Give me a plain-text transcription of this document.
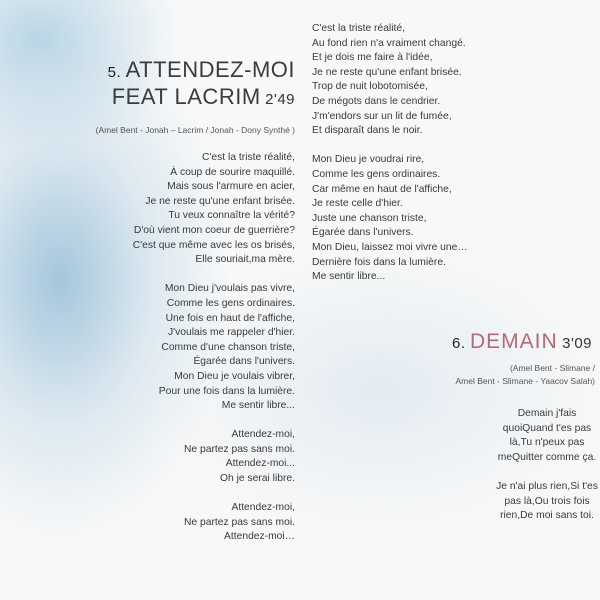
5. ATTENDEZ-MOI
FEAT LACRIM 2'49
(Amel Bent - Jonah – Lacrim / Jonah - Dony Synthé )
C'est la triste réalité,
À coup de sourire maquillé.
Mais sous l'armure en acier,
Je ne reste qu'une enfant brisée.
Tu veux connaître la vérité?
D'où vient mon coeur de guerrière?
C'est que même avec les os brisés,
Elle souriait,ma mère.
Mon Dieu j'voulais pas vivre,
Comme les gens ordinaires.
Une fois en haut de l'affiche,
J'voulais me rappeler d'hier.
Comme d'une chanson triste,
Égarée dans l'univers.
Mon Dieu je voulais vibrer,
Pour une fois dans la lumière.
Me sentir libre...
Attendez-moi,
Ne partez pas sans moi.
Attendez-moi...
Oh je serai libre.
Attendez-moi,
Ne partez pas sans moi.
Attendez-moi…
C'est la triste réalité,
Au fond rien n'a vraiment changé.
Et je dois me faire à l'idée,
Je ne reste qu'une enfant brisée.
Trop de nuit lobotomisée,
De mégots dans le cendrier.
J'm'endors sur un lit de fumée,
Et disparaît dans le noir.
Mon Dieu je voudrai rire,
Comme les gens ordinaires.
Car même en haut de l'affiche,
Je reste celle d'hier.
Juste une chanson triste,
Égarée dans l'univers.
Mon Dieu, laissez moi vivre une…
Dernière fois dans la lumière.
Me sentir libre...
6. DEMAIN 3'09
(Amel Bent - Slimane /
Amel Bent - Slimane - Yaacov Salah)
Demain j'fais quoiQuand t'es pas là,Tu n'peux pas meQuitter comme ça.
Je n'ai plus rien,Si t'es pas là,Ou trois fois rien,De moi sans toi.
